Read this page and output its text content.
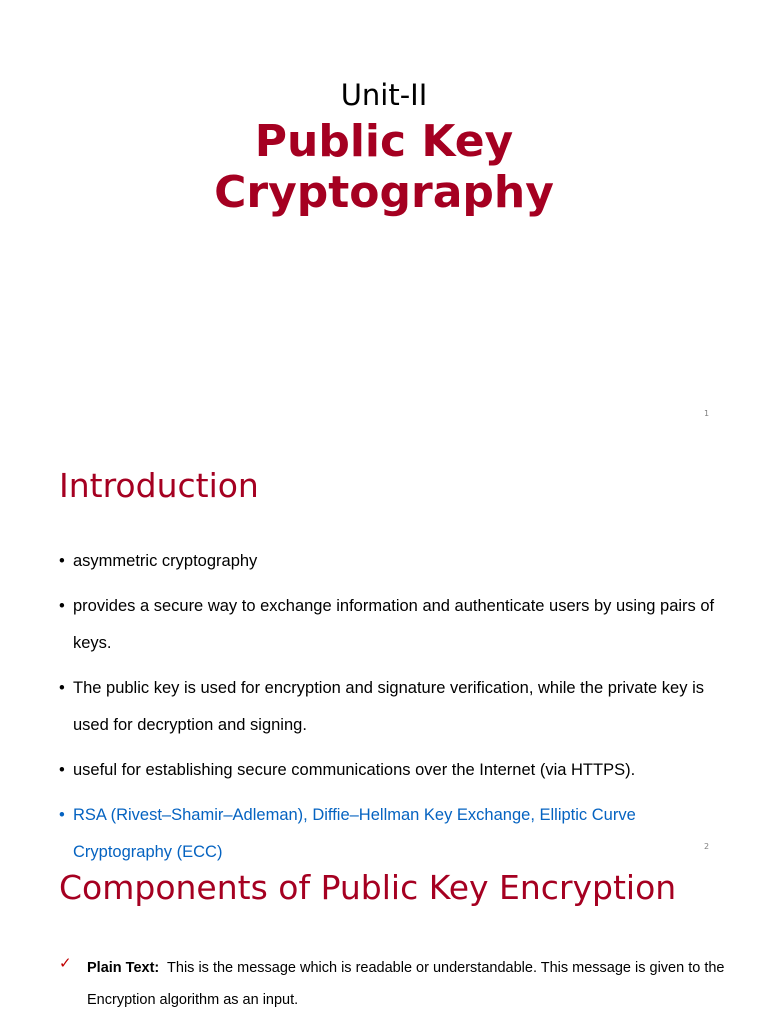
Unit-II
Public Key
Cryptography
1
Introduction
• asymmetric cryptography
• provides a secure way to exchange information and authenticate users by using pairs of keys.
• The public key is used for encryption and signature verification, while the private key is used for decryption and signing.
• useful for establishing secure communications over the Internet (via HTTPS).
• RSA (Rivest–Shamir–Adleman), Diffie–Hellman Key Exchange, Elliptic Curve Cryptography (ECC)	2
Components of Public Key Encryption
✓ Plain Text: This is the message which is readable or understandable. This message is given to the Encryption algorithm as an input.
